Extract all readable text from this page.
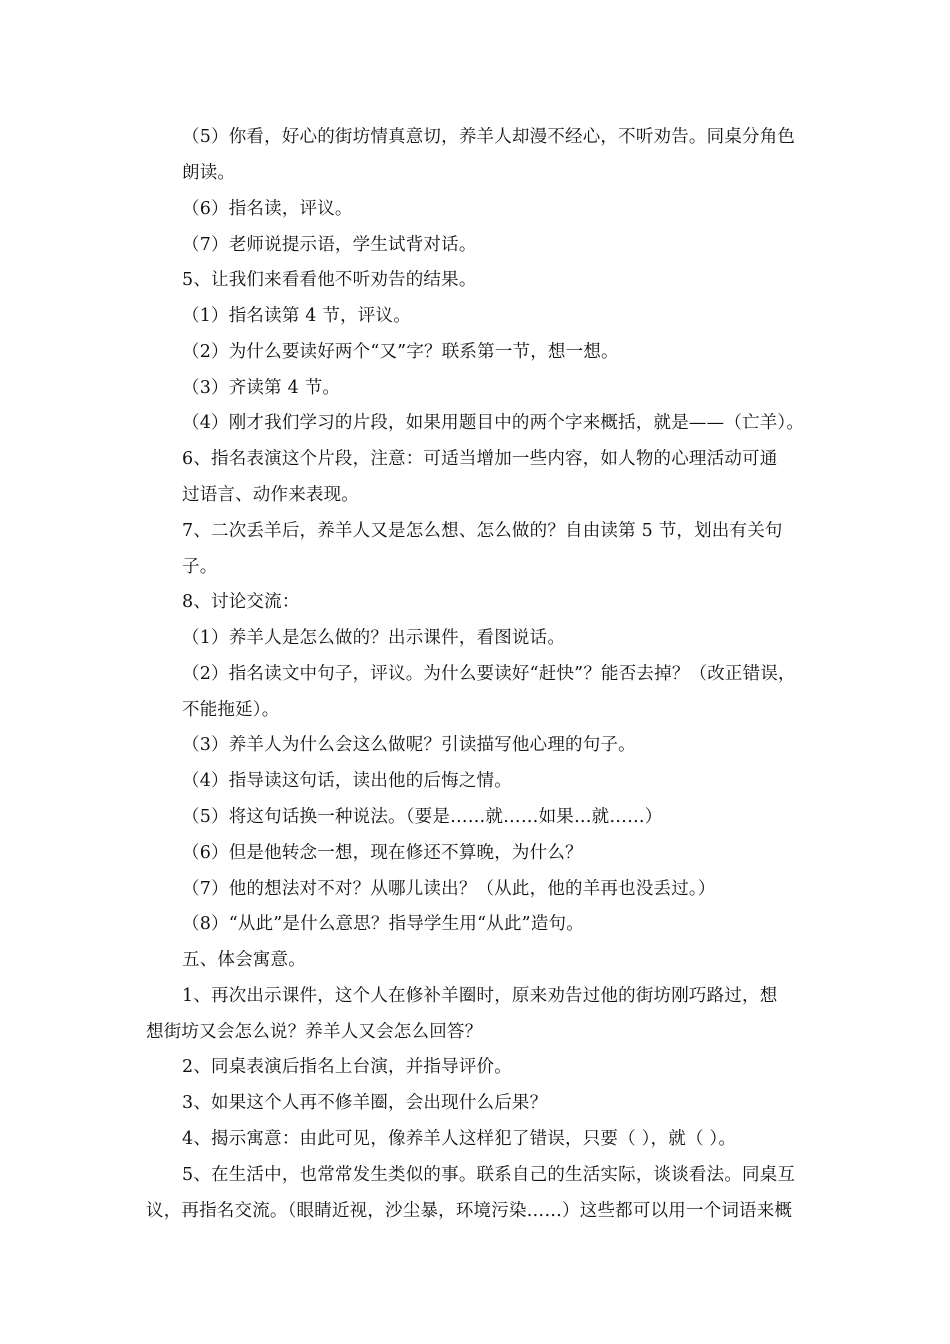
（5）你看，好心的街坊情真意切，养羊人却漫不经心，不听劝告。同桌分角色
朗读。
（6）指名读，评议。
（7）老师说提示语，学生试背对话。
5、让我们来看看他不听劝告的结果。
（1）指名读第 4 节，评议。
（2）为什么要读好两个“又”字？联系第一节，想一想。
（3）齐读第 4 节。
（4）刚才我们学习的片段，如果用题目中的两个字来概括，就是——（亡羊）。
6、指名表演这个片段，注意：可适当增加一些内容，如人物的心理活动可通
过语言、动作来表现。
7、二次丢羊后，养羊人又是怎么想、怎么做的？自由读第 5 节，划出有关句
子。
8、讨论交流：
（1）养羊人是怎么做的？出示课件，看图说话。
（2）指名读文中句子，评议。为什么要读好“赶快”？能否去掉？（改正错误，
不能拖延）。
（3）养羊人为什么会这么做呢？引读描写他心理的句子。
（4）指导读这句话，读出他的后悔之情。
（5）将这句话换一种说法。（要是……就……如果…就……）
（6）但是他转念一想，现在修还不算晚，为什么？
（7）他的想法对不对？从哪儿读出？（从此，他的羊再也没丢过。）
（8）“从此”是什么意思？指导学生用“从此”造句。
五、体会寓意。
1、再次出示课件，这个人在修补羊圈时，原来劝告过他的街坊刚巧路过，想
想街坊又会怎么说？养羊人又会怎么回答？
2、同桌表演后指名上台演，并指导评价。
3、如果这个人再不修羊圈，会出现什么后果？
4、揭示寓意：由此可见，像养羊人这样犯了错误，只要（ ），就（ ）。
5、在生活中，也常常发生类似的事。联系自己的生活实际，谈谈看法。同桌互
议，再指名交流。（眼睛近视，沙尘暴，环境污染……）这些都可以用一个词语来概
